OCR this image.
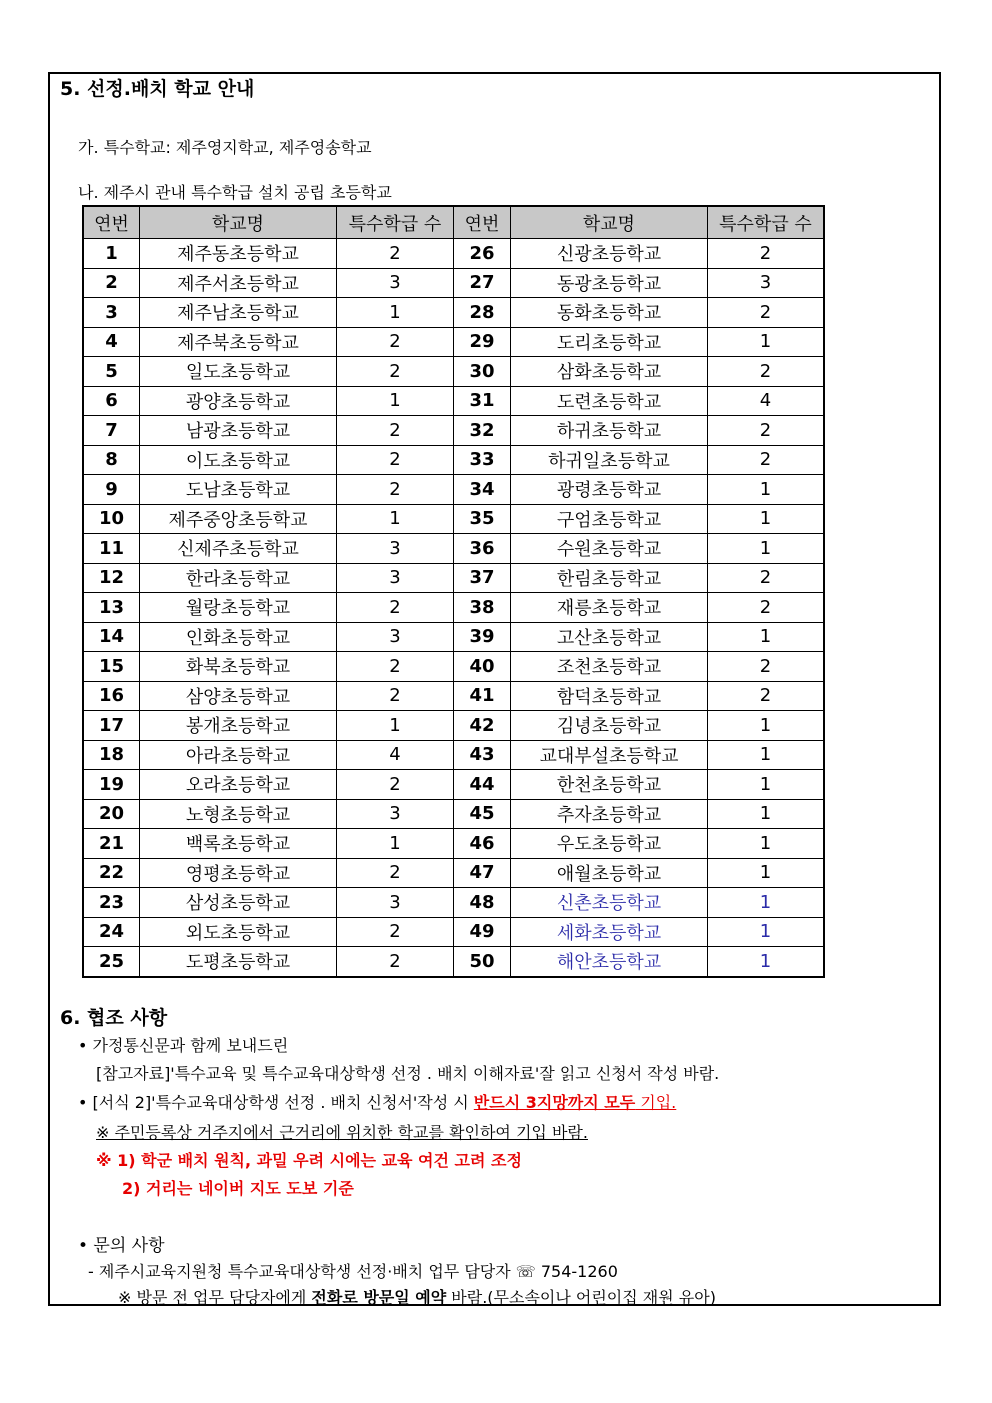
5. 선정.배치 학교 안내
가. 특수학교: 제주영지학교, 제주영송학교
나. 제주시 관내 특수학급 설치 공립 초등학교
연번	학교명	특수학급 수	연번	학교명	특수학급 수
1	제주동초등학교	2	26	신광초등학교	2
2	제주서초등학교	3	27	동광초등학교	3
3	제주남초등학교	1	28	동화초등학교	2
4	제주북초등학교	2	29	도리초등학교	1
5	일도초등학교	2	30	삼화초등학교	2
6	광양초등학교	1	31	도련초등학교	4
7	남광초등학교	2	32	하귀초등학교	2
8	이도초등학교	2	33	하귀일초등학교	2
9	도남초등학교	2	34	광령초등학교	1
10	제주중앙초등학교	1	35	구엄초등학교	1
11	신제주초등학교	3	36	수원초등학교	1
12	한라초등학교	3	37	한림초등학교	2
13	월랑초등학교	2	38	재릉초등학교	2
14	인화초등학교	3	39	고산초등학교	1
15	화북초등학교	2	40	조천초등학교	2
16	삼양초등학교	2	41	함덕초등학교	2
17	봉개초등학교	1	42	김녕초등학교	1
18	아라초등학교	4	43	교대부설초등학교	1
19	오라초등학교	2	44	한천초등학교	1
20	노형초등학교	3	45	추자초등학교	1
21	백록초등학교	1	46	우도초등학교	1
22	영평초등학교	2	47	애월초등학교	1
23	삼성초등학교	3	48	신촌초등학교	1
24	외도초등학교	2	49	세화초등학교	1
25	도평초등학교	2	50	해안초등학교	1
6. 협조 사항
• 가정통신문과 함께 보내드린
[참고자료]'특수교육 및 특수교육대상학생 선정 . 배치 이해자료'잘 읽고 신청서 작성 바람.
• [서식 2]'특수교육대상학생 선정 . 배치 신청서'작성 시 반드시 3지망까지 모두 기입.
※ 주민등록상 거주지에서 근거리에 위치한 학교를 확인하여 기입 바람.
※ 1) 학군 배치 원칙, 과밀 우려 시에는 교육 여건 고려 조정
2) 거리는 네이버 지도 도보 기준
• 문의 사항
- 제주시교육지원청 특수교육대상학생 선정·배치 업무 담당자 ☏ 754-1260
※ 방문 전 업무 담당자에게 전화로 방문일 예약 바람.(무소속이나 어린이집 재원 유아)
